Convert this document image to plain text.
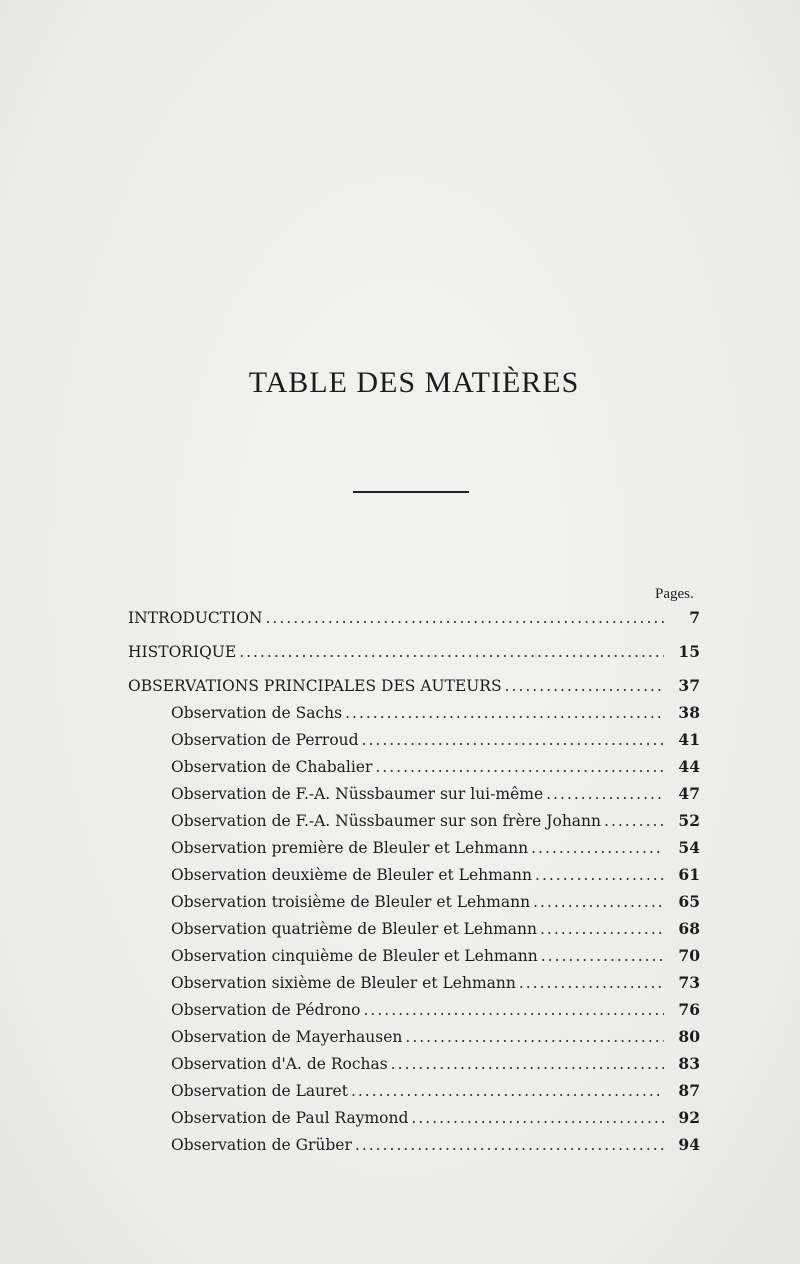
TABLE DES MATIÈRES
Pages.
INTRODUCTION .....	7
HISTORIQUE .....	15
OBSERVATIONS PRINCIPALES DES AUTEURS .....	37
Observation de Sachs .....	38
Observation de Perroud .....	41
Observation de Chabalier .....	44
Observation de F.-A. Nüssbaumer sur lui-même .....	47
Observation de F.-A. Nüssbaumer sur son frère Johann .....	52
Observation première de Bleuler et Lehmann .....	54
Observation deuxième de Bleuler et Lehmann .....	61
Observation troisième de Bleuler et Lehmann .....	65
Observation quatrième de Bleuler et Lehmann .....	68
Observation cinquième de Bleuler et Lehmann .....	70
Observation sixième de Bleuler et Lehmann .....	73
Observation de Pédrono .....	76
Observation de Mayerhausen .....	80
Observation d'A. de Rochas .....	83
Observation de Lauret .....	87
Observation de Paul Raymond .....	92
Observation de Grüber .....	94
